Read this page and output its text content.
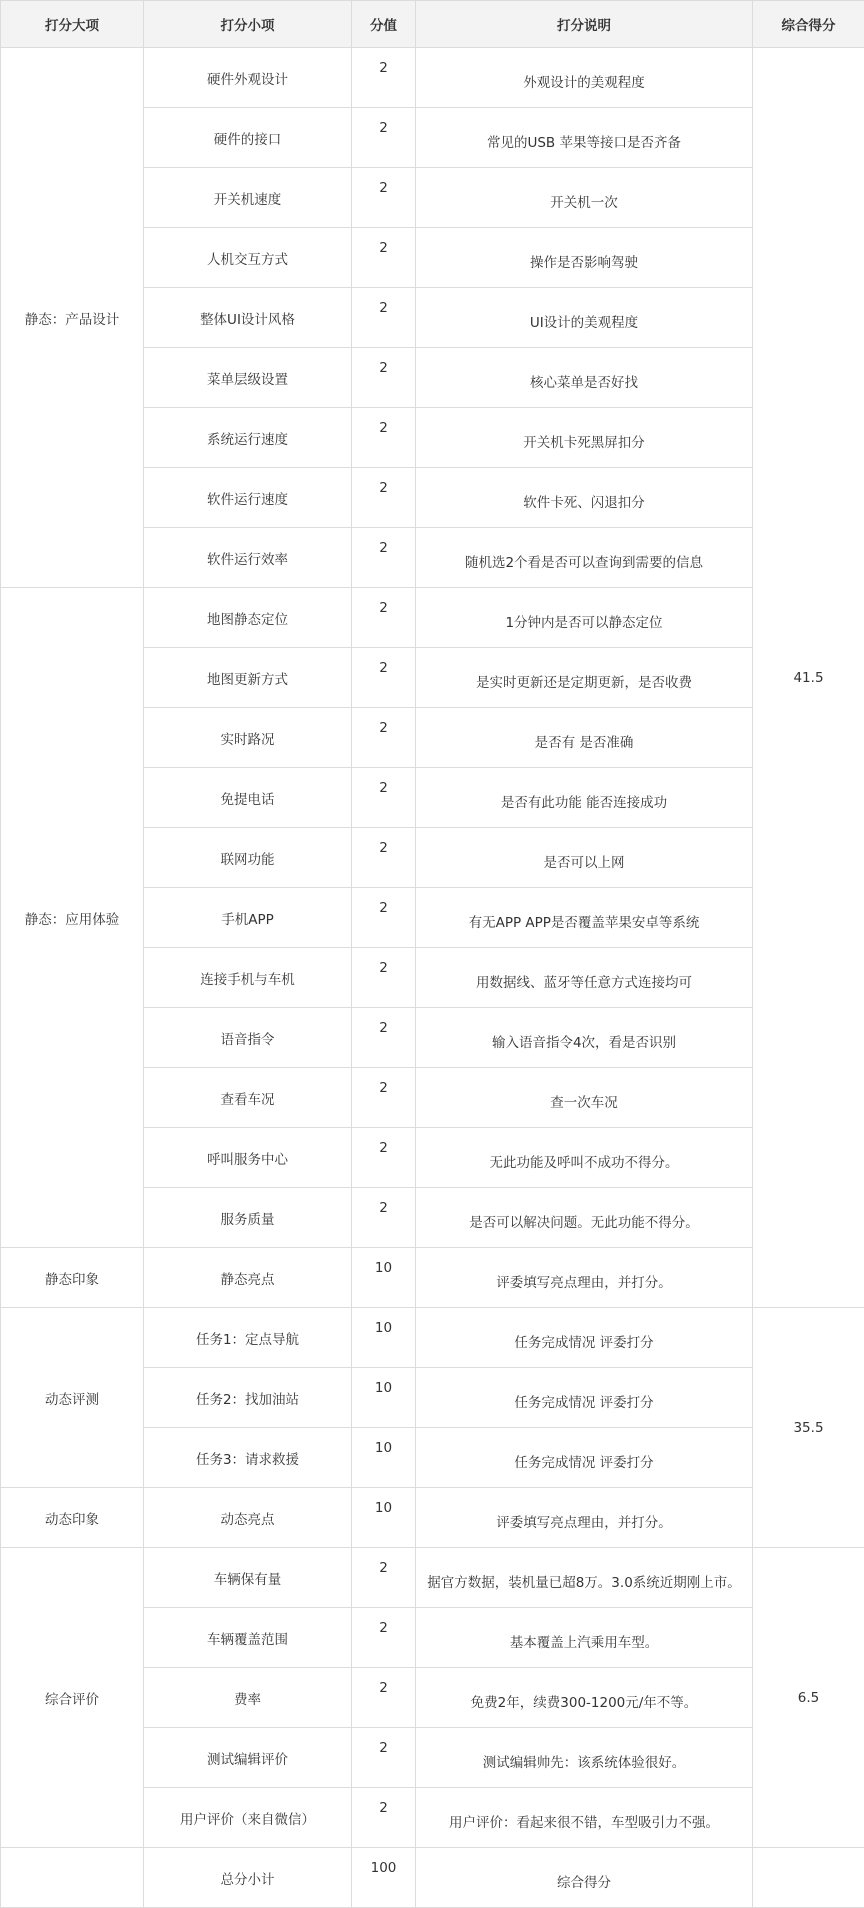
打分大项	打分小项	分值	打分说明	综合得分
静态：产品设计	硬件外观设计	2	外观设计的美观程度	41.5
	硬件的接口	2	常见的USB 苹果等接口是否齐备	
	开关机速度	2	开关机一次	
	人机交互方式	2	操作是否影响驾驶	
	整体UI设计风格	2	UI设计的美观程度	
	菜单层级设置	2	核心菜单是否好找	
	系统运行速度	2	开关机卡死黑屏扣分	
	软件运行速度	2	软件卡死、闪退扣分	
	软件运行效率	2	随机选2个看是否可以查询到需要的信息	
静态：应用体验	地图静态定位	2	1分钟内是否可以静态定位	
	地图更新方式	2	是实时更新还是定期更新，是否收费	
	实时路况	2	是否有 是否准确	
	免提电话	2	是否有此功能 能否连接成功	
	联网功能	2	是否可以上网	
	手机APP	2	有无APP APP是否覆盖苹果安卓等系统	
	连接手机与车机	2	用数据线、蓝牙等任意方式连接均可	
	语音指令	2	输入语音指令4次，看是否识别	
	查看车况	2	查一次车况	
	呼叫服务中心	2	无此功能及呼叫不成功不得分。	
	服务质量	2	是否可以解决问题。无此功能不得分。	
静态印象	静态亮点	10	评委填写亮点理由，并打分。	
动态评测	任务1：定点导航	10	任务完成情况 评委打分	35.5
	任务2：找加油站	10	任务完成情况 评委打分	
	任务3：请求救援	10	任务完成情况 评委打分	
动态印象	动态亮点	10	评委填写亮点理由，并打分。	
综合评价	车辆保有量	2	据官方数据，装机量已超8万。3.0系统近期刚上市。	6.5
	车辆覆盖范围	2	基本覆盖上汽乘用车型。	
	费率	2	免费2年，续费300-1200元/年不等。	
	测试编辑评价	2	测试编辑帅先：该系统体验很好。	
	用户评价（来自微信）	2	用户评价：看起来很不错，车型吸引力不强。	
	总分小计	100	综合得分	
